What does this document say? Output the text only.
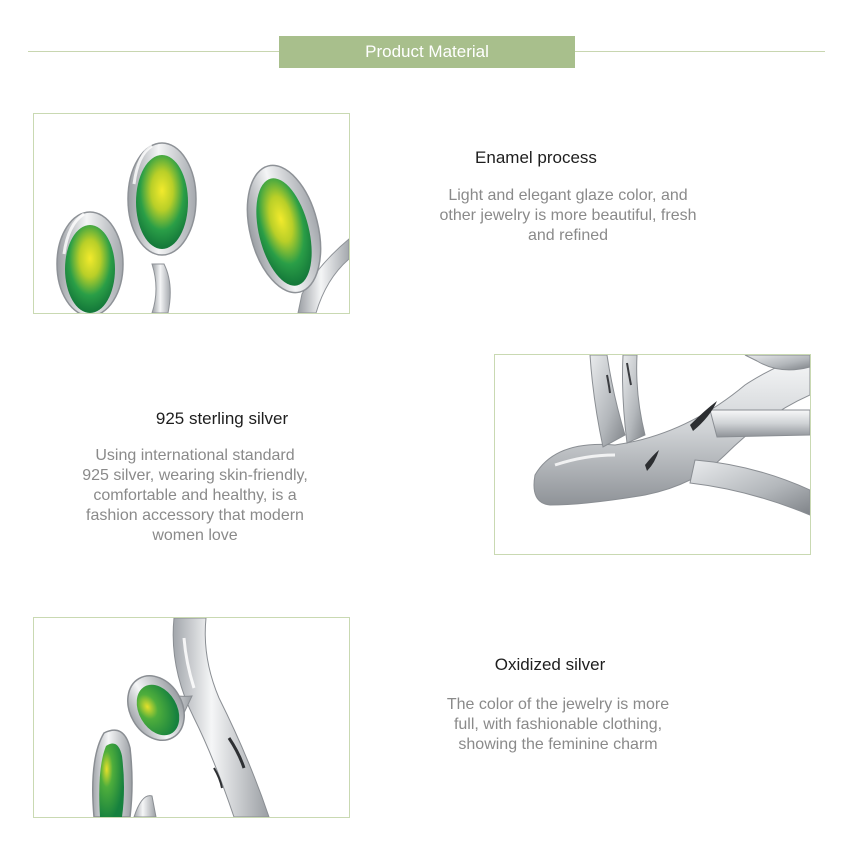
Product Material
Enamel process
Light and elegant glaze color, and
other jewelry is more beautiful, fresh
and refined
925 sterling silver
Using international standard
925 silver, wearing skin-friendly,
comfortable and healthy, is a
fashion accessory that modern
women love
Oxidized silver
The color of the jewelry is more
full, with fashionable clothing,
showing the feminine charm
